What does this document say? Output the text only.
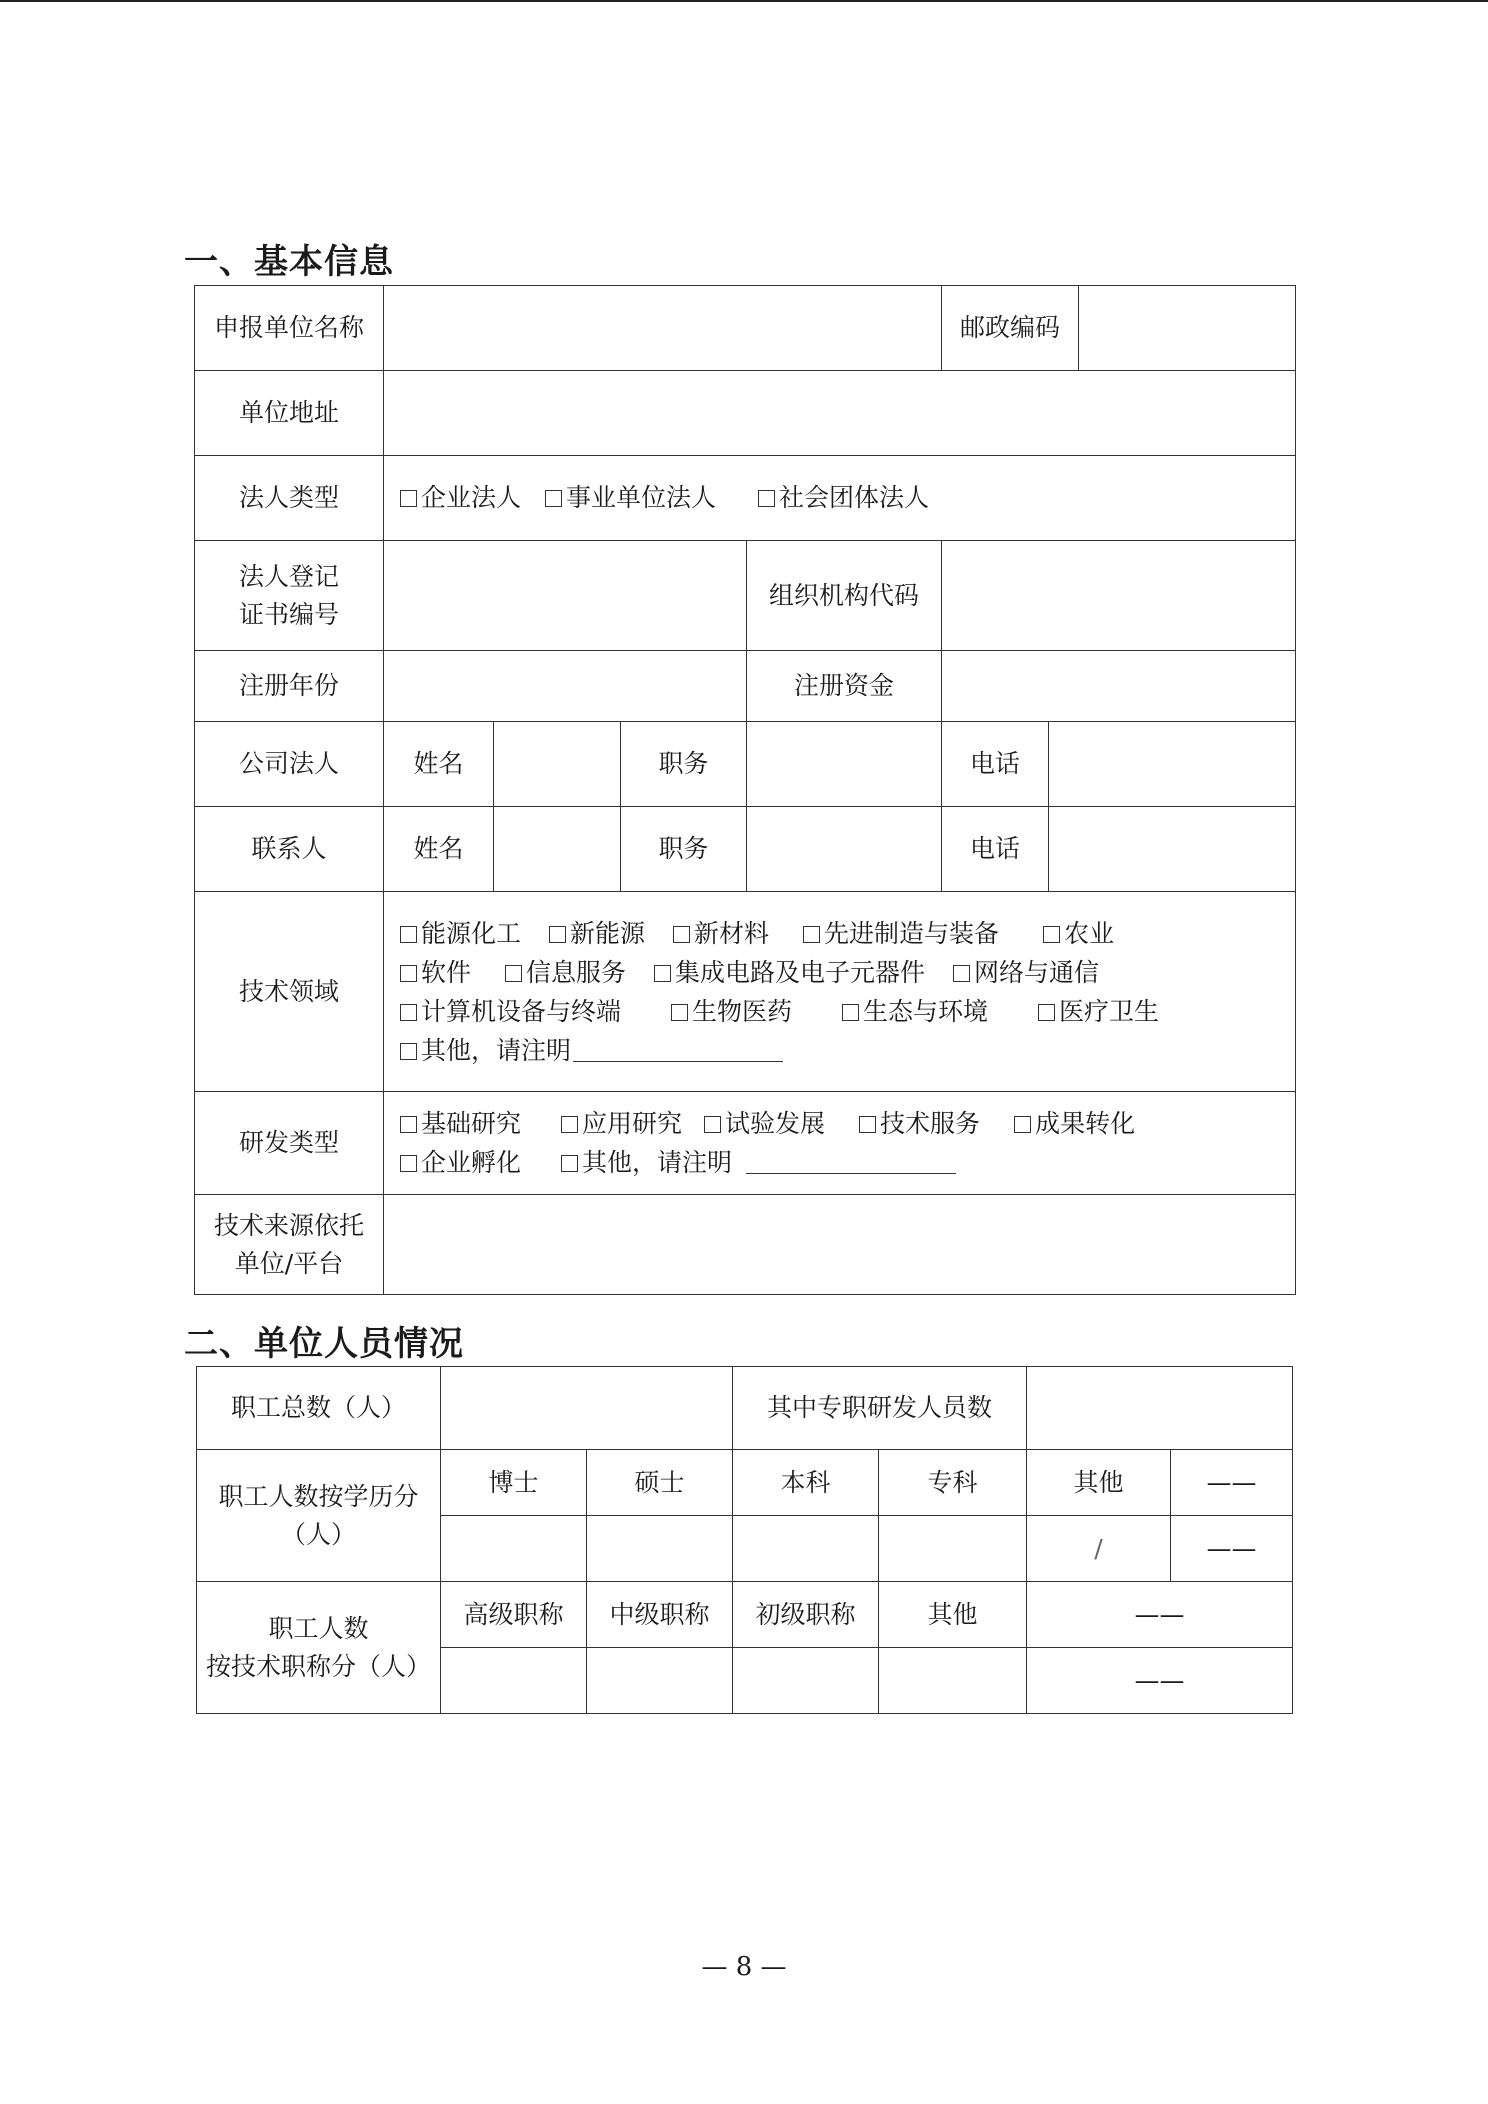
一、基本信息
申报单位名称					邮政编码		
单位地址							
法人类型	企业法人 事业单位法人 社会团体法人						
法人登记
证书编号				组织机构代码			
注册年份				注册资金			
公司法人	姓名		职务		电话		
联系人	姓名		职务		电话		
技术领域	能源化工 新能源 新材料 先进制造与装备 农业
软件 信息服务 集成电路及电子元器件 网络与通信
计算机设备与终端 生物医药 生态与环境 医疗卫生
其他，请注明						

研发类型	基础研究 应用研究 试验发展 技术服务 成果转化
企业孵化 其他，请注明						

技术来源依托
单位/平台							
二、单位人员情况
职工总数（人）			其中专职研发人员数			
职工人数按学历分
（人）	博士	硕士	本科	专科	其他	——
					/	——
职工人数
按技术职称分（人）	高级职称	中级职称	初级职称	其他	——	
					——	
— 8 —
